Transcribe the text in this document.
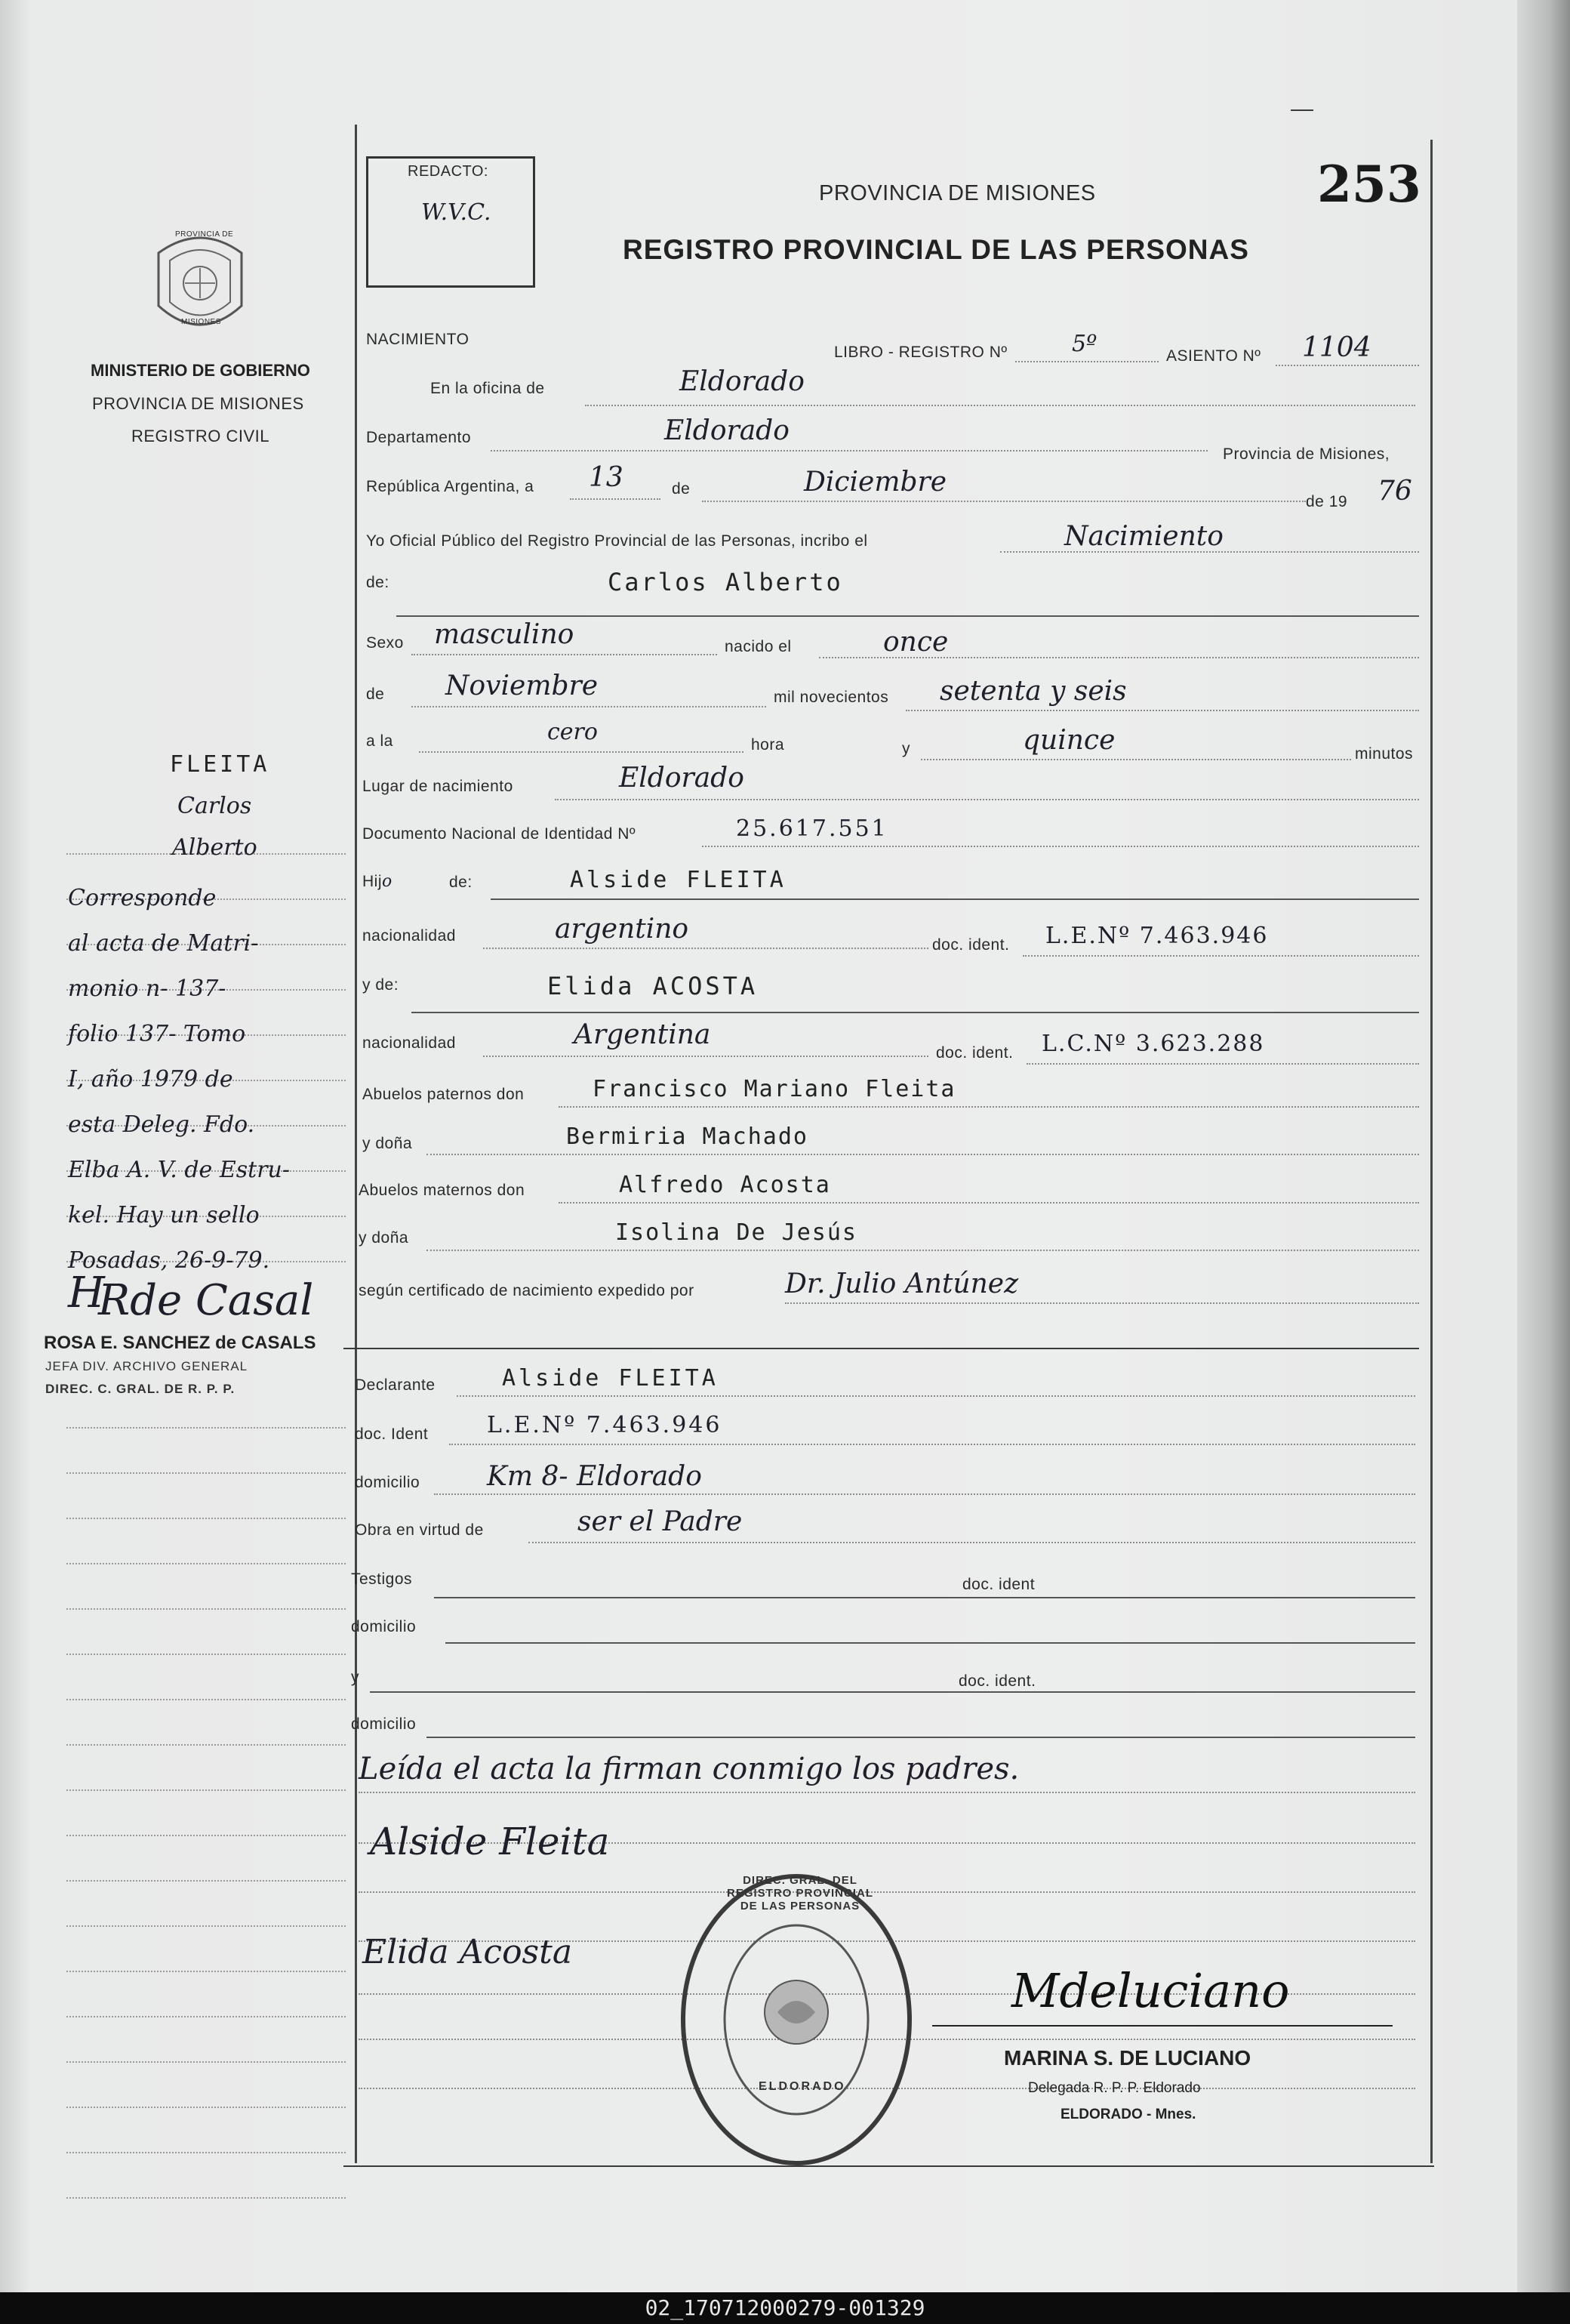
REDACTO:
W.V.C.
PROVINCIA DE MISIONES	253
REGISTRO PROVINCIAL DE LAS PERSONAS
PROVINCIA DE
MISIONES
MINISTERIO DE GOBIERNO
PROVINCIA DE MISIONES
REGISTRO CIVIL
FLEITA
Carlos
Alberto
Corresponde
al acta de Matri-
monio n- 137-
folio 137- Tomo
I, año 1979 de
esta Deleg. Fdo.
Elba A. V. de Estru-
kel. Hay un sello
Posadas, 26-9-79.
H
Rde Casal
ROSA E. SANCHEZ de CASALS
JEFA DIV. ARCHIVO GENERAL
DIREC. C. GRAL. DE R. P. P.
NACIMIENTO
LIBRO - REGISTRO Nº	5º	ASIENTO Nº 1104
En la oficina de	Eldorado
Departamento	Eldorado
Provincia de Misiones,
República Argentina, a 13	de	Diciembre
de 19 76
Yo Oficial Público del Registro Provincial de las Personas, incribo el	Nacimiento
de:	Carlos Alberto
Sexo masculino	nacido el	once
de Noviembre	mil novecientos setenta y seis
a la	cero	hora	y	quince	minutos
Lugar de nacimiento	Eldorado
Documento Nacional de Identidad Nº	25.617.551
Hijo	de:	Alside FLEITA
nacionalidad	argentino
doc. ident. L.E.Nº 7.463.946
y de:	Elida ACOSTA
nacionalidad	Argentina
doc. ident. L.C.Nº 3.623.288
Abuelos paternos don	Francisco Mariano Fleita
y doña	Bermiria Machado
Abuelos maternos don	Alfredo Acosta
y doña	Isolina De Jesús
según certificado de nacimiento expedido por	Dr. Julio Antúnez
Declarante	Alside FLEITA
doc. Ident	L.E.Nº 7.463.946
domicilio Km 8- Eldorado
Obra en virtud de	ser el Padre
Testigos	doc. ident
domicilio
y	doc. ident.
domicilio
Leída el acta la firman conmigo los padres.
Alside Fleita
Elida Acosta
DIREC. GRAL. DEL REGISTRO PROVINCIAL DE LAS PERSONAS
ELDORADO
Mdeluciano
MARINA S. DE LUCIANO
Delegada R. P. P. Eldorado
ELDORADO - Mnes.
02_170712000279-001329
